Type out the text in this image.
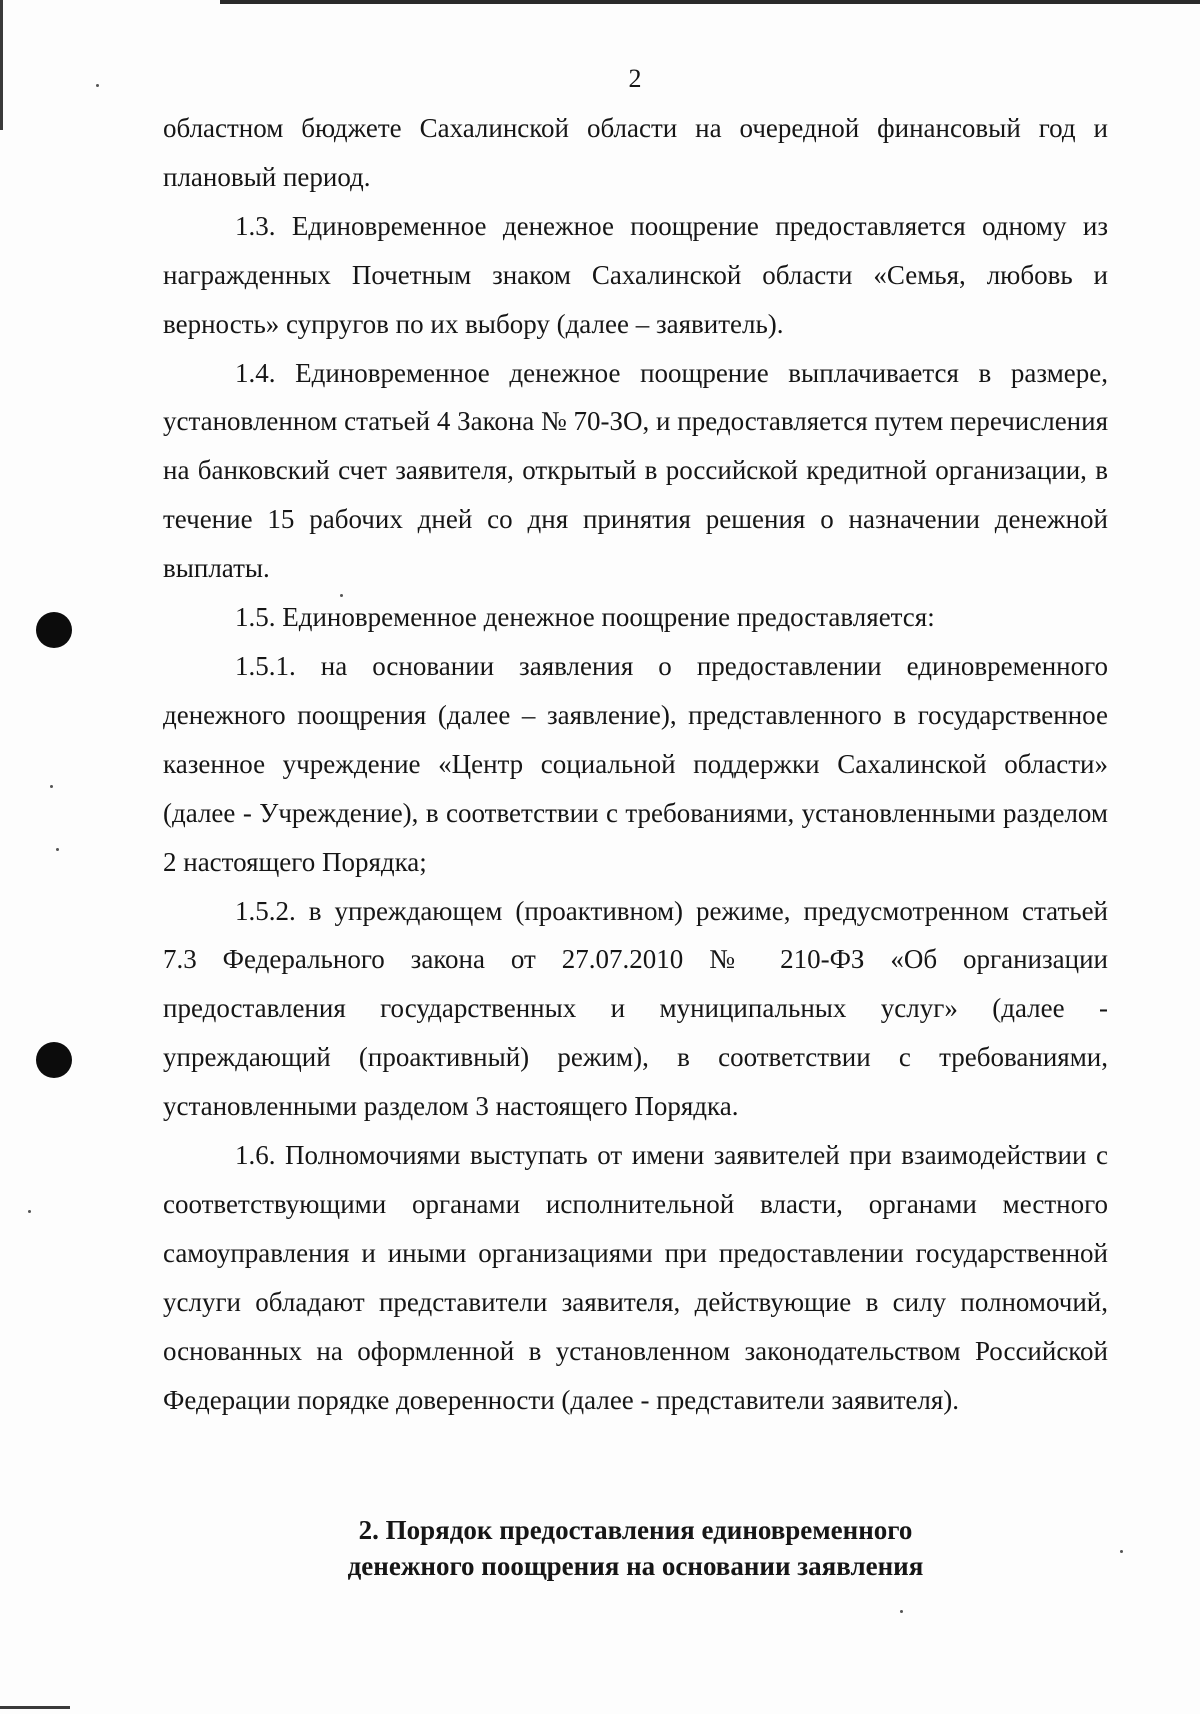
2

областном бюджете Сахалинской области на очередной финансовый год и плановый период.

1.3. Единовременное денежное поощрение предоставляется одному из награжденных Почетным знаком Сахалинской области «Семья, любовь и верность» супругов по их выбору (далее – заявитель).

1.4. Единовременное денежное поощрение выплачивается в размере, установленном статьей 4 Закона № 70-ЗО, и предоставляется путем перечисления на банковский счет заявителя, открытый в российской кредитной организации, в течение 15 рабочих дней со дня принятия решения о назначении денежной выплаты.

1.5. Единовременное денежное поощрение предоставляется:

1.5.1. на основании заявления о предоставлении единовременного денежного поощрения (далее – заявление), представленного в государственное казенное учреждение «Центр социальной поддержки Сахалинской области» (далее - Учреждение), в соответствии с требованиями, установленными разделом 2 настоящего Порядка;

1.5.2. в упреждающем (проактивном) режиме, предусмотренном статьей 7.3 Федерального закона от 27.07.2010 № 210-ФЗ «Об организации предоставления государственных и муниципальных услуг» (далее - упреждающий (проактивный) режим), в соответствии с требованиями, установленными разделом 3 настоящего Порядка.

1.6. Полномочиями выступать от имени заявителей при взаимодействии с соответствующими органами исполнительной власти, органами местного самоуправления и иными организациями при предоставлении государственной услуги обладают представители заявителя, действующие в силу полномочий, основанных на оформленной в установленном законодательством Российской Федерации порядке доверенности (далее - представители заявителя).

2. Порядок предоставления единовременного
денежного поощрения на основании заявления
